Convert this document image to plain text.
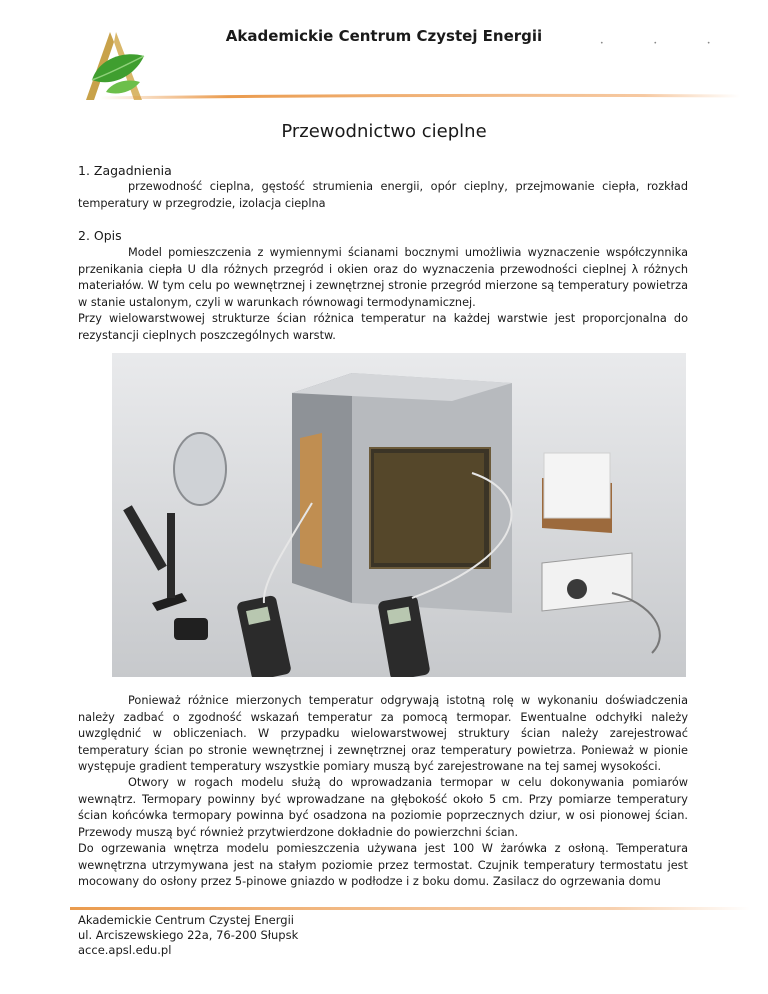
Akademickie Centrum Czystej Energii	• • •
Przewodnictwo cieplne
1. Zagadnienia

przewodność cieplna, gęstość strumienia energii, opór cieplny, przejmowanie ciepła, rozkład temperatury w przegrodzie, izolacja cieplna

2. Opis

Model pomieszczenia z wymiennymi ścianami bocznymi umożliwia wyznaczenie współczynnika przenikania ciepła U dla różnych przegród i okien oraz do wyznaczenia przewodności cieplnej λ różnych materiałów. W tym celu po wewnętrznej i zewnętrznej stronie przegród mierzone są temperatury powietrza w stanie ustalonym, czyli w warunkach równowagi termodynamicznej.

Przy wielowarstwowej strukturze ścian różnica temperatur na każdej warstwie jest proporcjonalna do rezystancji cieplnych poszczególnych warstw.

Ponieważ różnice mierzonych temperatur odgrywają istotną rolę w wykonaniu doświadczenia należy zadbać o zgodność wskazań temperatur za pomocą termopar. Ewentualne odchyłki należy uwzględnić w obliczeniach. W przypadku wielowarstwowej struktury ścian należy zarejestrować temperatury ścian po stronie wewnętrznej i zewnętrznej oraz temperatury powietrza. Ponieważ w pionie występuje gradient temperatury wszystkie pomiary muszą być zarejestrowane na tej samej wysokości.

Otwory w rogach modelu służą do wprowadzania termopar w celu dokonywania pomiarów wewnątrz. Termopary powinny być wprowadzane na głębokość około 5 cm. Przy pomiarze temperatury ścian końcówka termopary powinna być osadzona na poziomie poprzecznych dziur, w osi pionowej ścian. Przewody muszą być również przytwierdzone dokładnie do powierzchni ścian.

Do ogrzewania wnętrza modelu pomieszczenia używana jest 100 W żarówka z osłoną. Temperatura wewnętrzna utrzymywana jest na stałym poziomie przez termostat. Czujnik temperatury termostatu jest mocowany do osłony przez 5-pinowe gniazdo w podłodze i z boku domu. Zasilacz do ogrzewania domu

Akademickie Centrum Czystej Energii
ul. Arciszewskiego 22a, 76-200 Słupsk
acce.apsl.edu.pl
